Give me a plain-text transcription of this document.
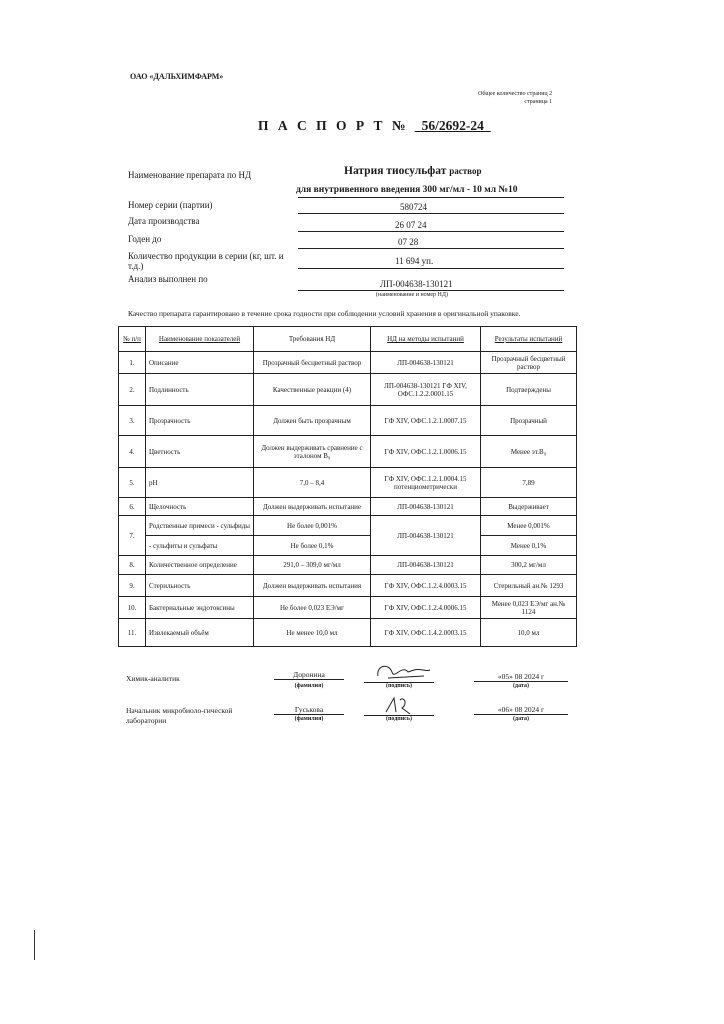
ОАО «ДАЛЬХИМФАРМ»
Общее количество страниц 2
страница 1
П А С П О Р Т № _56/2692-24_
Наименование препарата по НД	Натрия тиосульфат раствор
для внутривенного введения 300 мг/мл - 10 мл №10
Номер серии (партии)	580724
Дата производства	26 07 24
Годен до	07 28
Количество продукции в серии (кг, шт. и т.д.)	11 694 уп.
Анализ выполнен по	ЛП-004638-130121
(наименование и номер НД)
Качество препарата гарантировано в течение срока годности при соблюдении условий хранения в оригинальной упаковке.
№ п/п	Наименование показателей	Требования НД	НД на методы испытаний	Результаты испытаний
1.	Описание	Прозрачный бесцветный раствор	ЛП-004638-130121	Прозрачный бесцветный раствор
2.	Подлинность	Качественные реакции (4)	ЛП-004638-130121 ГФ XIV, ОФС.1.2.2.0001.15	Подтверждены
3.	Прозрачность	Должен быть прозрачным	ГФ XIV, ОФС.1.2.1.0007.15	Прозрачный
4.	Цветность	Должен выдерживать сравнение с эталоном B₉	ГФ XIV, ОФС.1.2.1.0006.15	Менее эт.B₉
5.	pH	7,0 – 8,4	ГФ XIV, ОФС.1.2.1.0004.15 потенциометрически	7,89
6.	Щелочность	Должен выдерживать испытание	ЛП-004638-130121	Выдерживает
7.	Родственные примеси - сульфиды	Не более 0,001%	ЛП-004638-130121	Менее 0,001%
	- сульфиты и сульфаты	Не более 0,1%		Менее 0,1%
8.	Количественное определение	291,0 – 309,0 мг/мл	ЛП-004638-130121	300,2 мг/мл
9.	Стерильность	Должен выдерживать испытания	ГФ XIV, ОФС.1.2.4.0003.15	Стерильный ан.№ 1293
10.	Бактериальные эндотоксины	Не более 0,023 ЕЭ/мг	ГФ XIV, ОФС.1.2.4.0006.15	Менее 0,023 ЕЭ/мг ан.№ 1124
11.	Извлекаемый объём	Не менее 10,0 мл	ГФ XIV, ОФС.1.4.2.0003.15	10,0 мл
Химик-аналитик	Доронина
(фамилия)	(подпись)
«05» 08 2024 г
(дата)
Начальник микробиоло-гической лаборатории
Гуськова
(фамилия)	(подпись)
«06» 08 2024 г
(дата)
